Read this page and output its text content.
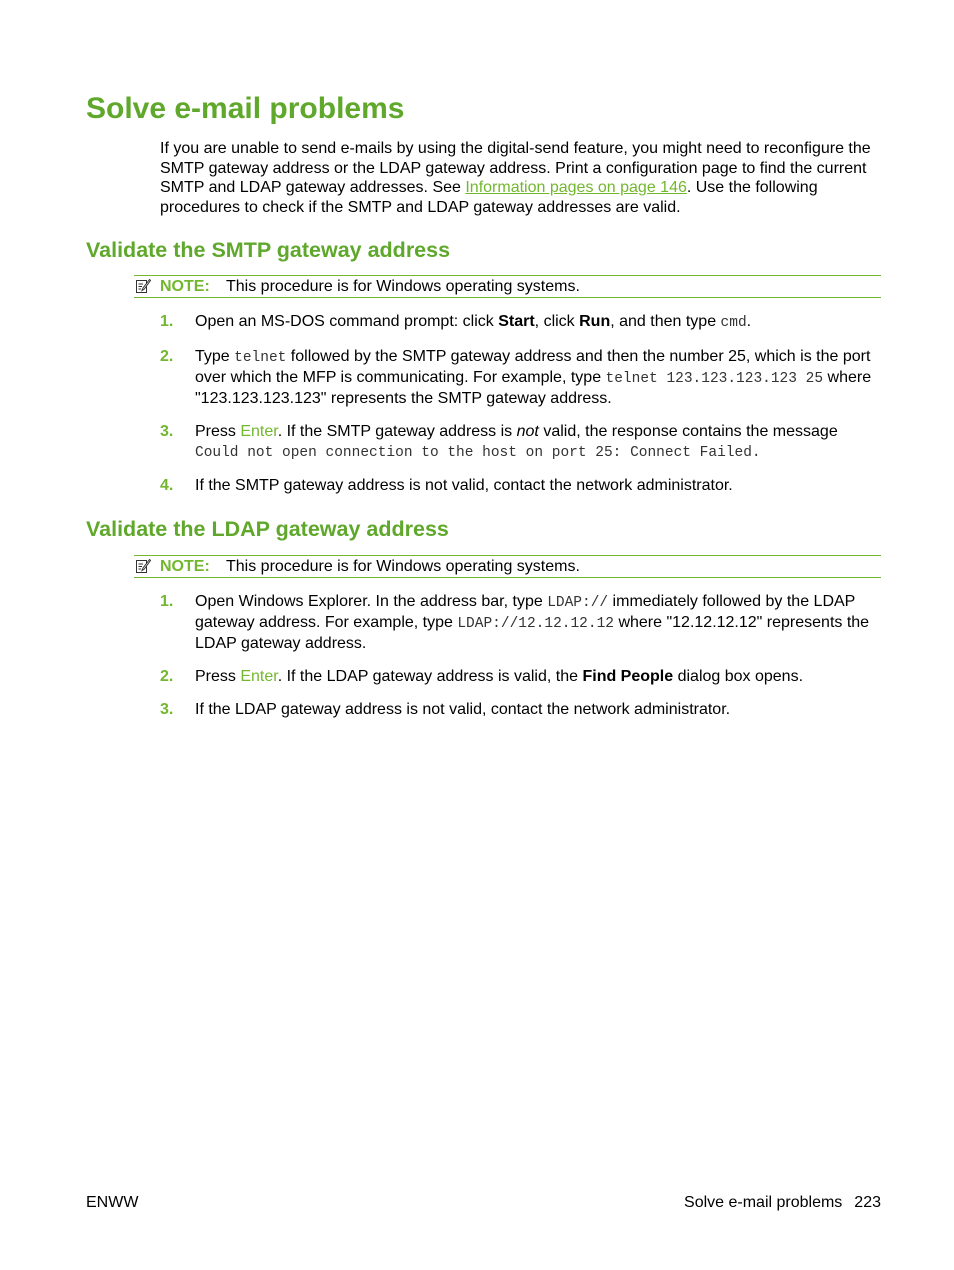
Solve e-mail problems

If you are unable to send e-mails by using the digital-send feature, you might need to reconfigure the SMTP gateway address or the LDAP gateway address. Print a configuration page to find the current SMTP and LDAP gateway addresses. See Information pages on page 146. Use the following procedures to check if the SMTP and LDAP gateway addresses are valid.

Validate the SMTP gateway address
NOTE: This procedure is for Windows operating systems.
1. Open an MS-DOS command prompt: click Start, click Run, and then type cmd.
2. Type telnet followed by the SMTP gateway address and then the number 25, which is the port over which the MFP is communicating. For example, type telnet 123.123.123.123 25 where "123.123.123.123" represents the SMTP gateway address.
3. Press Enter. If the SMTP gateway address is not valid, the response contains the message Could not open connection to the host on port 25: Connect Failed.
4. If the SMTP gateway address is not valid, contact the network administrator.
Validate the LDAP gateway address
NOTE: This procedure is for Windows operating systems.
1. Open Windows Explorer. In the address bar, type LDAP:// immediately followed by the LDAP gateway address. For example, type LDAP://12.12.12.12 where "12.12.12.12" represents the LDAP gateway address.
2. Press Enter. If the LDAP gateway address is valid, the Find People dialog box opens.
3. If the LDAP gateway address is not valid, contact the network administrator.
ENWW	Solve e-mail problems 223
